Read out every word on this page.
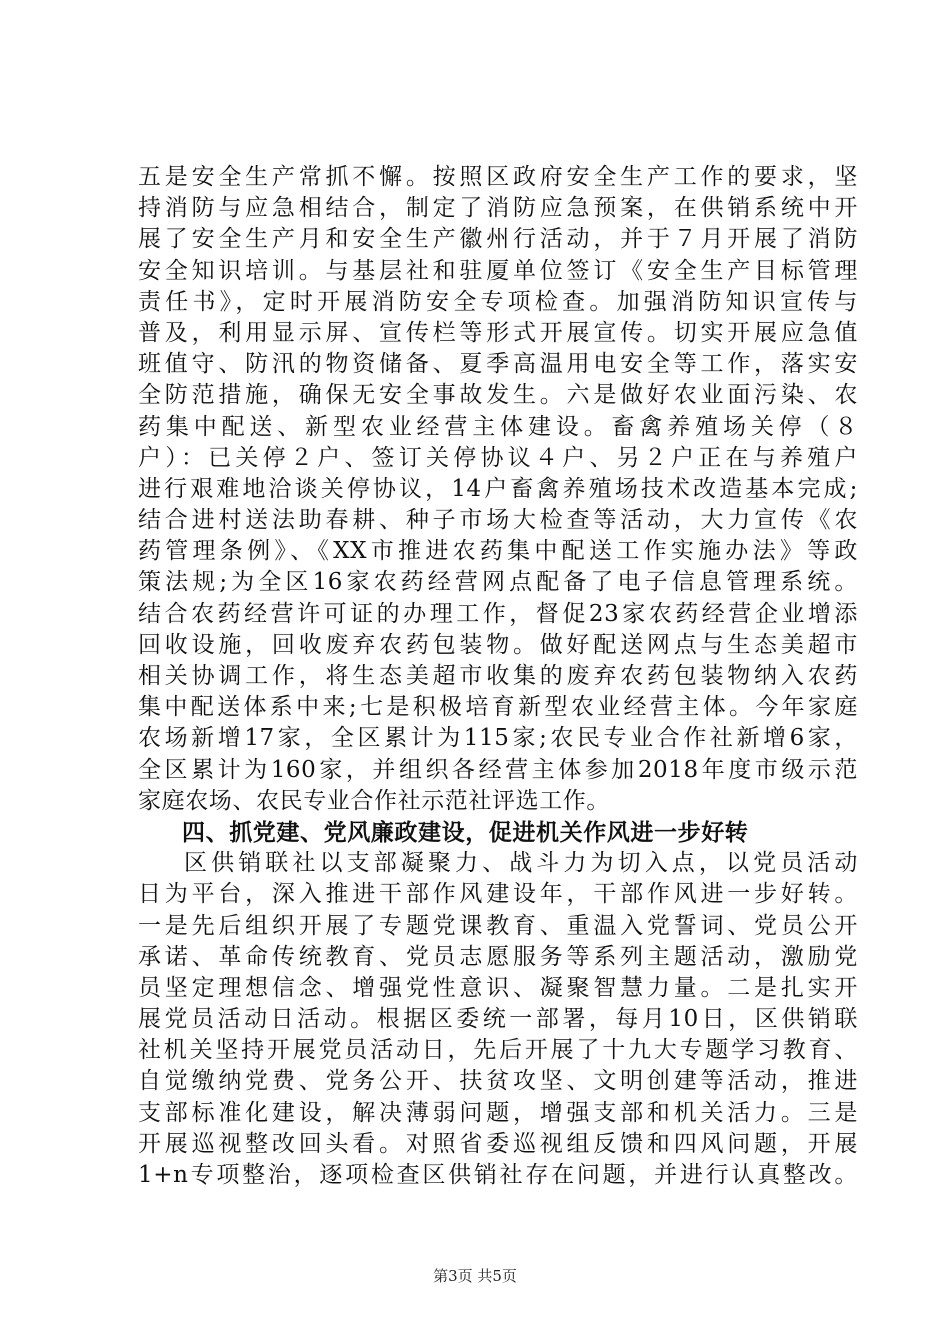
五是安全生产常抓不懈。按照区政府安全生产工作的要求，坚
持消防与应急相结合，制定了消防应急预案，在供销系统中开
展了安全生产月和安全生产徽州行活动，并于７月开展了消防
安全知识培训。与基层社和驻厦单位签订《安全生产目标管理
责任书》，定时开展消防安全专项检查。加强消防知识宣传与
普及，利用显示屏、宣传栏等形式开展宣传。切实开展应急值
班值守、防汛的物资储备、夏季高温用电安全等工作，落实安
全防范措施，确保无安全事故发生。六是做好农业面污染、农
药集中配送、新型农业经营主体建设。畜禽养殖场关停（８
户）：已关停２户、签订关停协议４户、另２户正在与养殖户
进行艰难地洽谈关停协议，14户畜禽养殖场技术改造基本完成;
结合进村送法助春耕、种子市场大检查等活动，大力宣传《农
药管理条例》、《XX市推进农药集中配送工作实施办法》等政
策法规;为全区16家农药经营网点配备了电子信息管理系统。
结合农药经营许可证的办理工作，督促23家农药经营企业增添
回收设施，回收废弃农药包装物。做好配送网点与生态美超市
相关协调工作，将生态美超市收集的废弃农药包装物纳入农药
集中配送体系中来;七是积极培育新型农业经营主体。今年家庭
农场新增17家，全区累计为115家;农民专业合作社新增6家，
全区累计为160家，并组织各经营主体参加2018年度市级示范
家庭农场、农民专业合作社示范社评选工作。
四、抓党建、党风廉政建设，促进机关作风进一步好转
区供销联社以支部凝聚力、战斗力为切入点，以党员活动
日为平台，深入推进干部作风建设年，干部作风进一步好转。
一是先后组织开展了专题党课教育、重温入党誓词、党员公开
承诺、革命传统教育、党员志愿服务等系列主题活动，激励党
员坚定理想信念、增强党性意识、凝聚智慧力量。二是扎实开
展党员活动日活动。根据区委统一部署，每月10日，区供销联
社机关坚持开展党员活动日，先后开展了十九大专题学习教育、
自觉缴纳党费、党务公开、扶贫攻坚、文明创建等活动，推进
支部标准化建设，解决薄弱问题，增强支部和机关活力。三是
开展巡视整改回头看。对照省委巡视组反馈和四风问题，开展
1+n专项整治，逐项检查区供销社存在问题，并进行认真整改。
第3页 共5页
